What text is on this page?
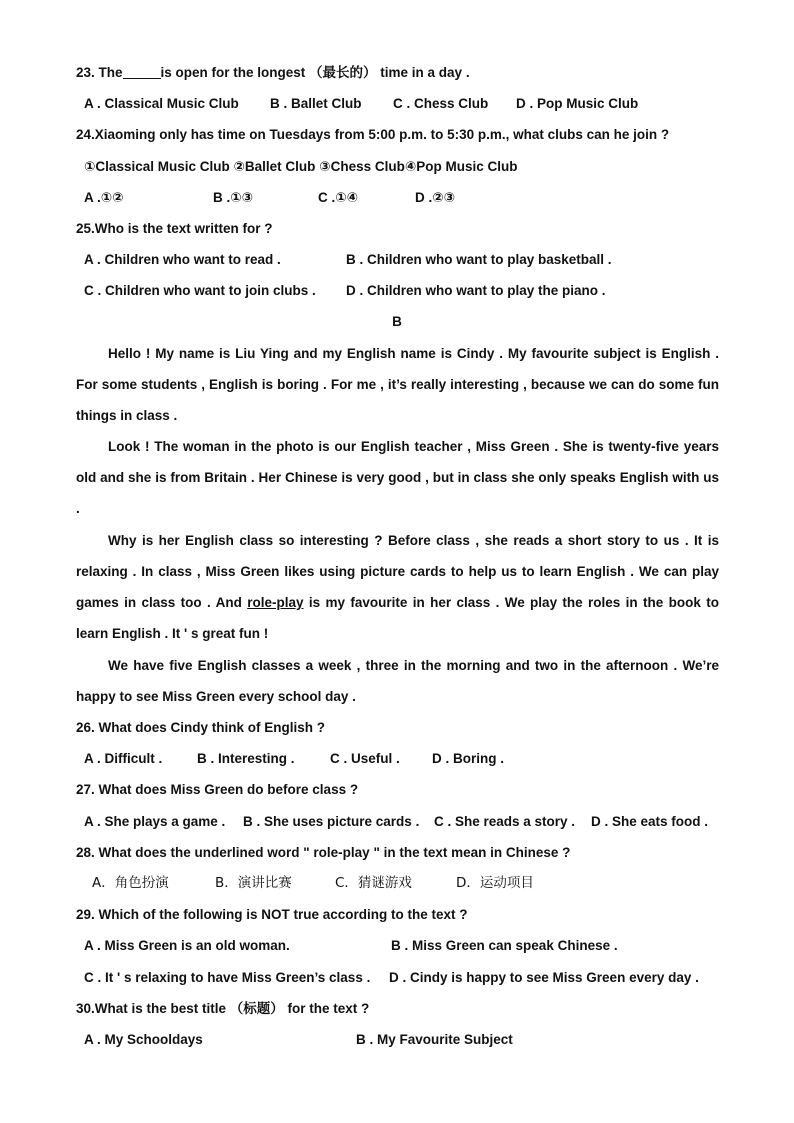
23. The	is open for the longest （最长的） time in a day .
A . Classical Music Club B . Ballet Club C . Chess Club D . Pop Music Club
24.Xiaoming only has time on Tuesdays from 5:00 p.m. to 5:30 p.m., what clubs can he join ?
①Classical Music Club ②Ballet Club ③Chess Club④Pop Music Club
A .①②	B .①③	C .①④	D .②③
25.Who is the text written for ?
A . Children who want to read .	B . Children who want to play basketball .
C . Children who want to join clubs . D . Children who want to play the piano .
B
Hello ! My name is Liu Ying and my English name is Cindy . My favourite subject is English . For some students , English is boring . For me , it’s really interesting , because we can do some fun things in class .
Look ! The woman in the photo is our English teacher , Miss Green . She is twenty-five years old and she is from Britain . Her Chinese is very good , but in class she only speaks English with us .
Why is her English class so interesting ? Before class , she reads a short story to us . It is relaxing . In class , Miss Green likes using picture cards to help us to learn English . We can play games in class too . And role-play is my favourite in her class . We play the roles in the book to learn English . It ' s great fun !
We have five English classes a week , three in the morning and two in the afternoon . We’re happy to see Miss Green every school day .
26. What does Cindy think of English ?
A . Difficult .	B . Interesting .	C . Useful . D . Boring .
27. What does Miss Green do before class ?
A . She plays a game . B . She uses picture cards . C . She reads a story . D . She eats food .
28. What does the underlined word " role-play " in the text mean in Chinese ?
A．角色扮演	B．演讲比赛	C．猜谜游戏	D．运动项目
29. Which of the following is NOT true according to the text ?
A . Miss Green is an old woman.	B . Miss Green can speak Chinese .
C . It ' s relaxing to have Miss Green’s class . D . Cindy is happy to see Miss Green every day .
30.What is the best title （标题） for the text ?
A . My Schooldays	B . My Favourite Subject
